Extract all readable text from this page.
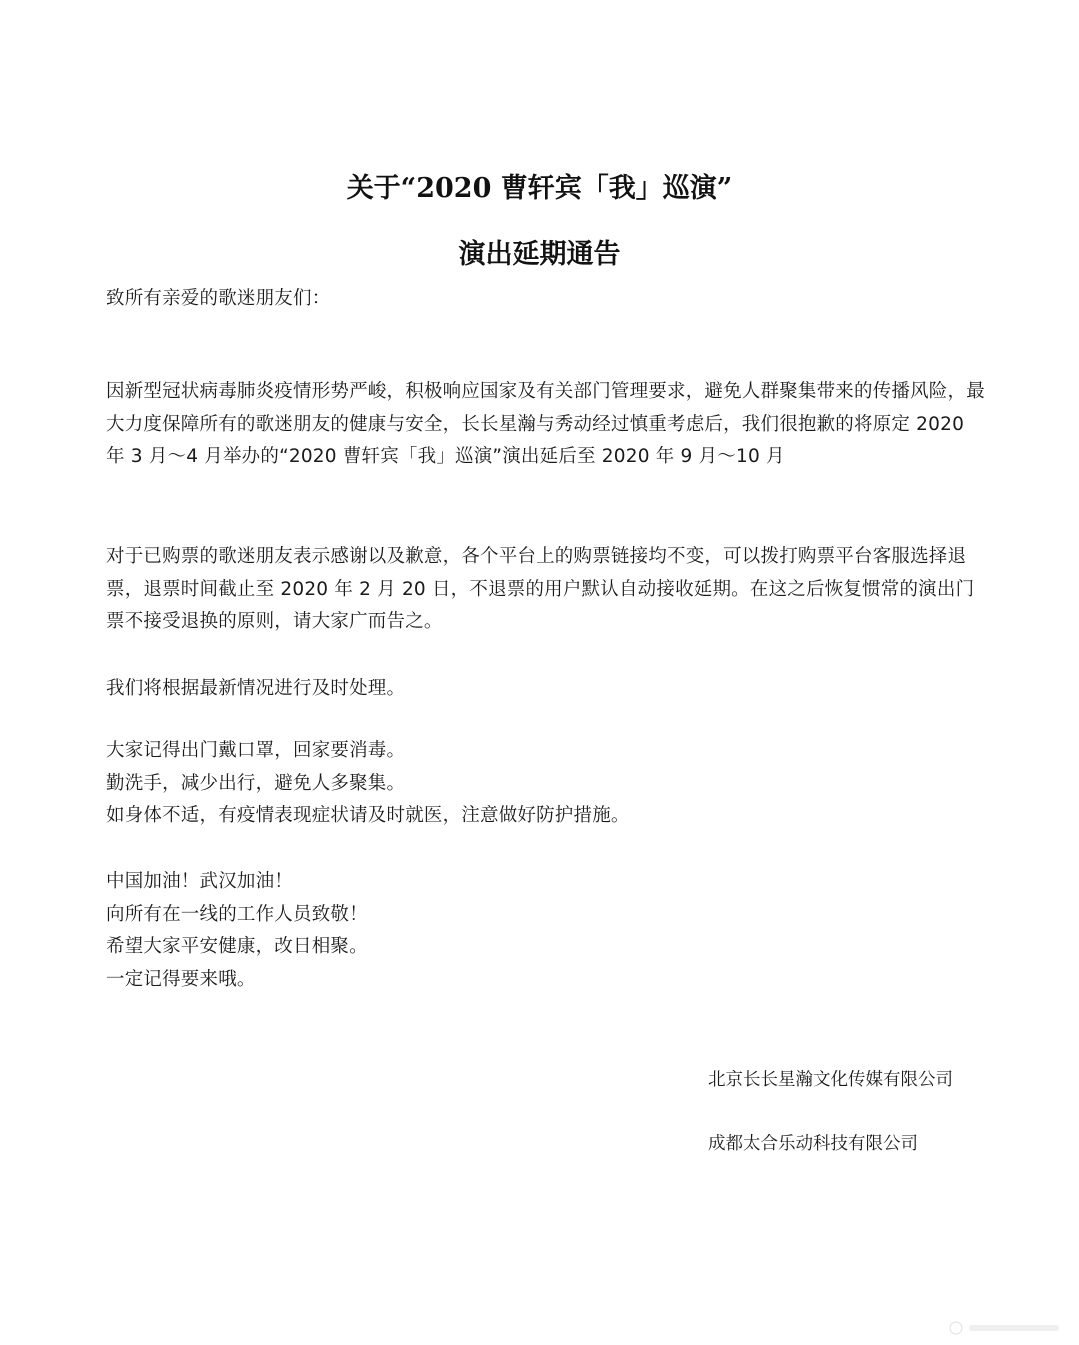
关于“2020 曹轩宾「我」巡演”
演出延期通告

致所有亲爱的歌迷朋友们：

因新型冠状病毒肺炎疫情形势严峻，积极响应国家及有关部门管理要求，避免人群聚集带来的传播风险，最大力度保障所有的歌迷朋友的健康与安全，长长星瀚与秀动经过慎重考虑后，我们很抱歉的将原定 2020 年 3 月～4 月举办的“2020 曹轩宾「我」巡演”演出延后至 2020 年 9 月～10 月

对于已购票的歌迷朋友表示感谢以及歉意，各个平台上的购票链接均不变，可以拨打购票平台客服选择退票，退票时间截止至 2020 年 2 月 20 日，不退票的用户默认自动接收延期。在这之后恢复惯常的演出门票不接受退换的原则，请大家广而告之。

我们将根据最新情况进行及时处理。

大家记得出门戴口罩，回家要消毒。
勤洗手，减少出行，避免人多聚集。
如身体不适，有疫情表现症状请及时就医，注意做好防护措施。
中国加油！武汉加油！
向所有在一线的工作人员致敬！
希望大家平安健康，改日相聚。
一定记得要来哦。

北京长长星瀚文化传媒有限公司

成都太合乐动科技有限公司
